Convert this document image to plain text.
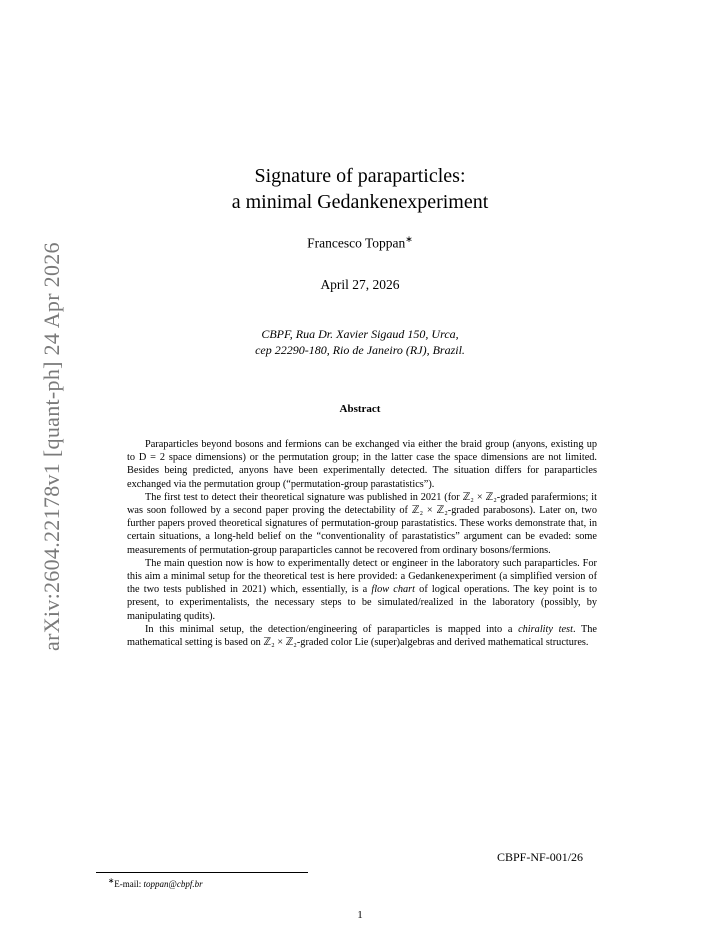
arXiv:2604.22178v1 [quant-ph] 24 Apr 2026
Signature of paraparticles:
a minimal Gedankenexperiment
Francesco Toppan∗
April 27, 2026
CBPF, Rua Dr. Xavier Sigaud 150, Urca,
cep 22290-180, Rio de Janeiro (RJ), Brazil.
Abstract

Paraparticles beyond bosons and fermions can be exchanged via either the braid group (anyons, existing up to D = 2 space dimensions) or the permutation group; in the latter case the space dimensions are not limited. Besides being predicted, anyons have been experimentally detected. The situation differs for paraparticles exchanged via the permutation group (“permutation-group parastatistics”).

The first test to detect their theoretical signature was published in 2021 (for ℤ₂ × ℤ₂-graded parafermions; it was soon followed by a second paper proving the detectability of ℤ₂ × ℤ₂-graded parabosons). Later on, two further papers proved theoretical signatures of permutation-group parastatistics. These works demonstrate that, in certain situations, a long-held belief on the “conventionality of parastatistics” argument can be evaded: some measurements of permutation-group paraparticles cannot be recovered from ordinary bosons/fermions.

The main question now is how to experimentally detect or engineer in the laboratory such paraparticles. For this aim a minimal setup for the theoretical test is here provided: a Gedankenexperiment (a simplified version of the two tests published in 2021) which, essentially, is a flow chart of logical operations. The key point is to present, to experimentalists, the necessary steps to be simulated/realized in the laboratory (possibly, by manipulating qudits).

In this minimal setup, the detection/engineering of paraparticles is mapped into a chirality test. The mathematical setting is based on ℤ₂ × ℤ₂-graded color Lie (super)algebras and derived mathematical structures.

CBPF-NF-001/26
∗E-mail: toppan@cbpf.br
1
